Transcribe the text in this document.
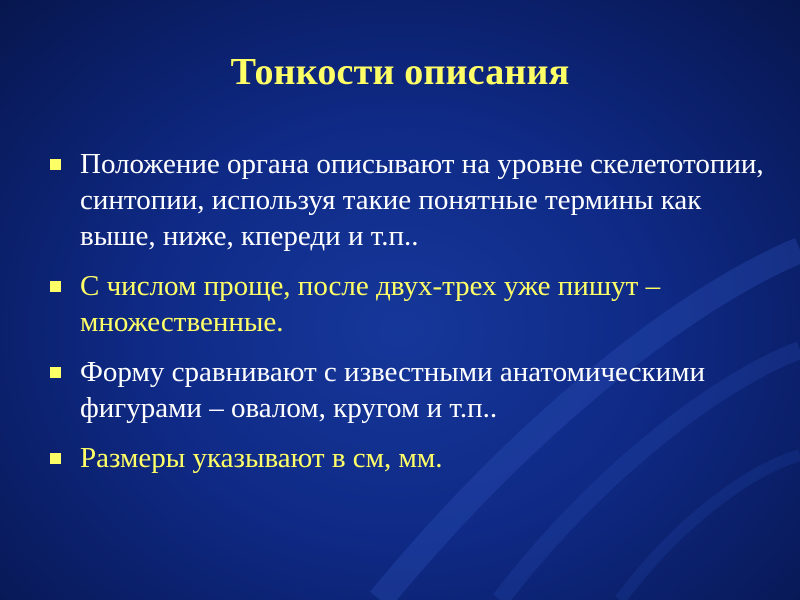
Тонкости описания
Положение органа описывают на уровне скелетотопии, синтопии, используя такие понятные термины как выше, ниже, кпереди и т.п..
С числом проще, после двух-трех уже пишут – множественные.
Форму сравнивают с известными анатомическими фигурами – овалом, кругом и т.п..
Размеры указывают в см, мм.
